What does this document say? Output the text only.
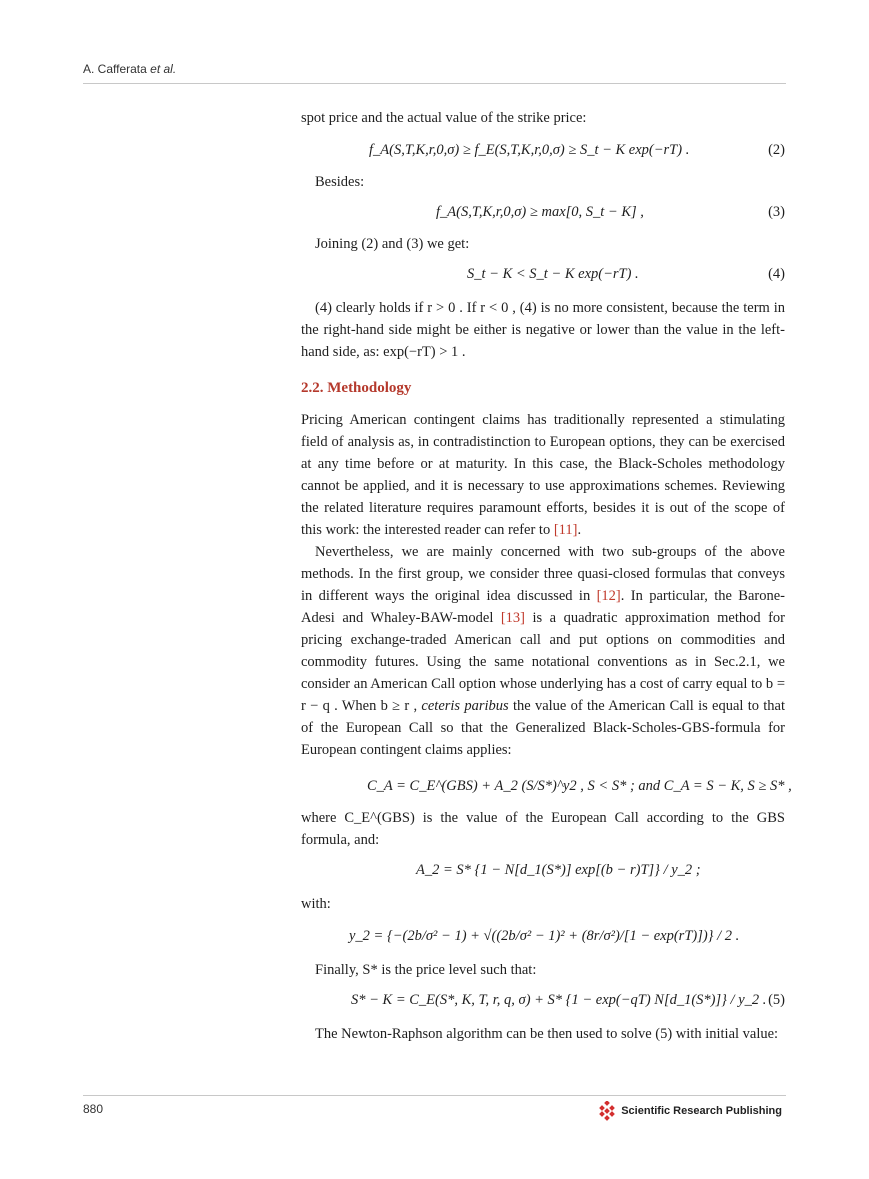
A. Cafferata et al.

spot price and the actual value of the strike price:

f_A(S,T,K,r,0,σ) ≥ f_E(S,T,K,r,0,σ) ≥ S_t − K exp(−rT) .	(2)

Besides:

f_A(S,T,K,r,0,σ) ≥ max[0, S_t − K] ,	(3)

Joining (2) and (3) we get:

S_t − K < S_t − K exp(−rT) .	(4)

(4) clearly holds if r > 0 . If r < 0 , (4) is no more consistent, because the term in the right-hand side might be either is negative or lower than the value in the left-hand side, as: exp(−rT) > 1 .

2.2. Methodology

Pricing American contingent claims has traditionally represented a stimulating field of analysis as, in contradistinction to European options, they can be exercised at any time before or at maturity. In this case, the Black-Scholes methodology cannot be applied, and it is necessary to use approximations schemes. Reviewing the related literature requires paramount efforts, besides it is out of the scope of this work: the interested reader can refer to [11].

Nevertheless, we are mainly concerned with two sub-groups of the above methods. In the first group, we consider three quasi-closed formulas that conveys in different ways the original idea discussed in [12]. In particular, the Barone-Adesi and Whaley-BAW-model [13] is a quadratic approximation method for pricing exchange-traded American call and put options on commodities and commodity futures. Using the same notational conventions as in Sec.2.1, we consider an American Call option whose underlying has a cost of carry equal to b = r − q . When b ≥ r , ceteris paribus the value of the American Call is equal to that of the European Call so that the Generalized Black-Scholes-GBS-formula for European contingent claims applies:

C_A = C_E^(GBS) + A_2 (S/S*)^y2 , S < S* ; and C_A = S − K, S ≥ S* ,

where C_E^(GBS) is the value of the European Call according to the GBS formula, and:

A_2 = S* {1 − N[d_1(S*)] exp[(b − r)T]} / y_2 ;

with:

y_2 = {−(2b/σ² − 1) + √((2b/σ² − 1)² + (8r/σ²)/[1 − exp(rT)])} / 2 .

Finally, S* is the price level such that:

S* − K = C_E(S*, K, T, r, q, σ) + S* {1 − exp(−qT) N[d_1(S*)]} / y_2 . (5)

The Newton-Raphson algorithm can be then used to solve (5) with initial value:

880	Scientific Research Publishing
